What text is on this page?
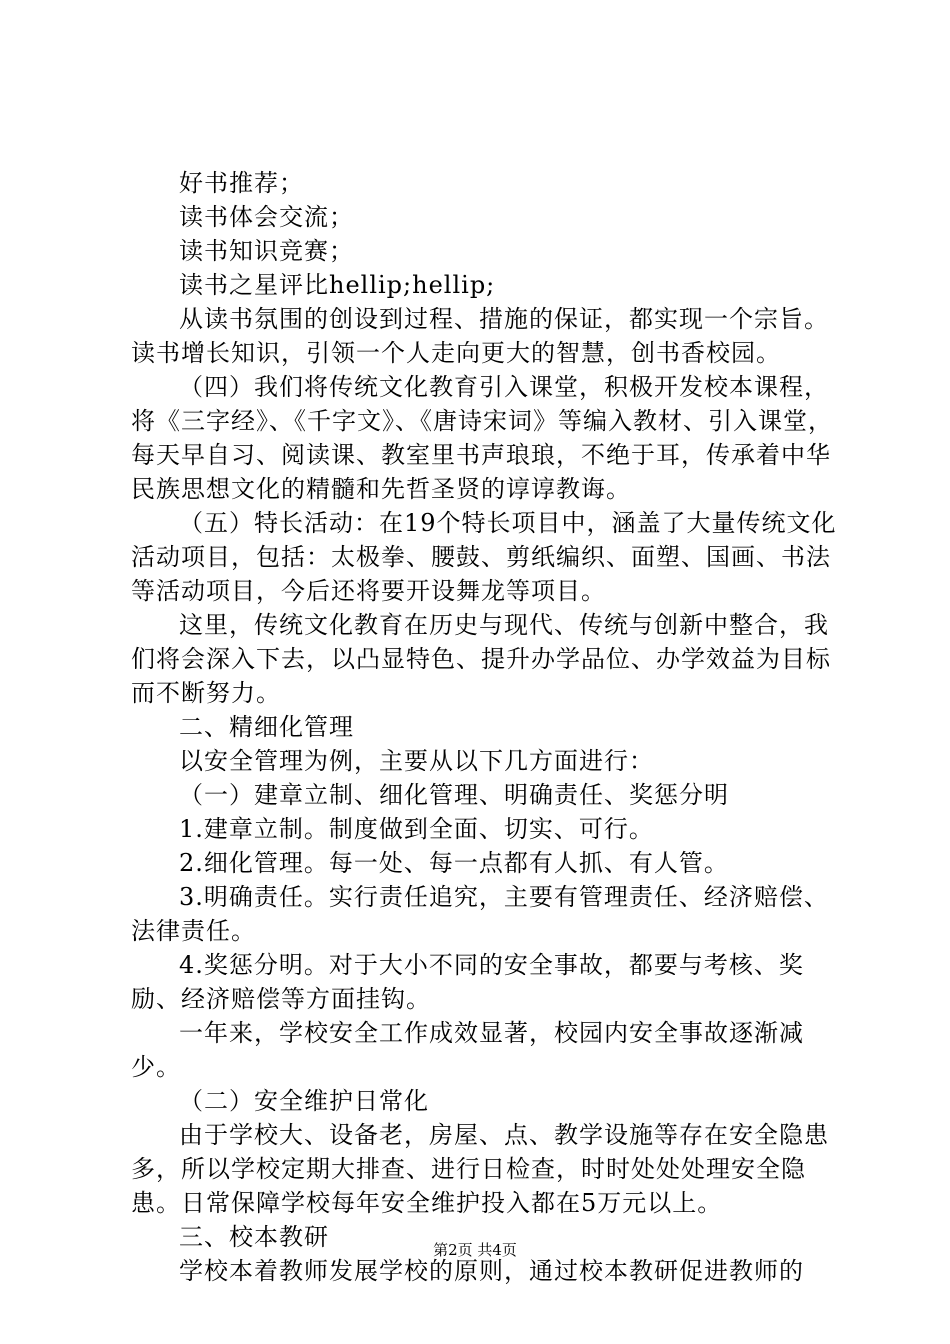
好书推荐；

读书体会交流；

读书知识竞赛；

读书之星评比hellip;hellip;

从读书氛围的创设到过程、措施的保证，都实现一个宗旨。读书增长知识，引领一个人走向更大的智慧，创书香校园。

（四）我们将传统文化教育引入课堂，积极开发校本课程，将《三字经》、《千字文》、《唐诗宋词》等编入教材、引入课堂，每天早自习、阅读课、教室里书声琅琅，不绝于耳，传承着中华民族思想文化的精髓和先哲圣贤的谆谆教诲。

（五）特长活动：在19个特长项目中，涵盖了大量传统文化活动项目，包括：太极拳、腰鼓、剪纸编织、面塑、国画、书法等活动项目，今后还将要开设舞龙等项目。

这里，传统文化教育在历史与现代、传统与创新中整合，我们将会深入下去，以凸显特色、提升办学品位、办学效益为目标而不断努力。

二、精细化管理

以安全管理为例，主要从以下几方面进行：

（一）建章立制、细化管理、明确责任、奖惩分明

1.建章立制。制度做到全面、切实、可行。

2.细化管理。每一处、每一点都有人抓、有人管。

3.明确责任。实行责任追究，主要有管理责任、经济赔偿、法律责任。

4.奖惩分明。对于大小不同的安全事故，都要与考核、奖励、经济赔偿等方面挂钩。

一年来，学校安全工作成效显著，校园内安全事故逐渐减少。

（二）安全维护日常化

由于学校大、设备老，房屋、点、教学设施等存在安全隐患多，所以学校定期大排查、进行日检查，时时处处处理安全隐患。日常保障学校每年安全维护投入都在5万元以上。

三、校本教研

学校本着教师发展学校的原则，通过校本教研促进教师的

第2页 共4页
